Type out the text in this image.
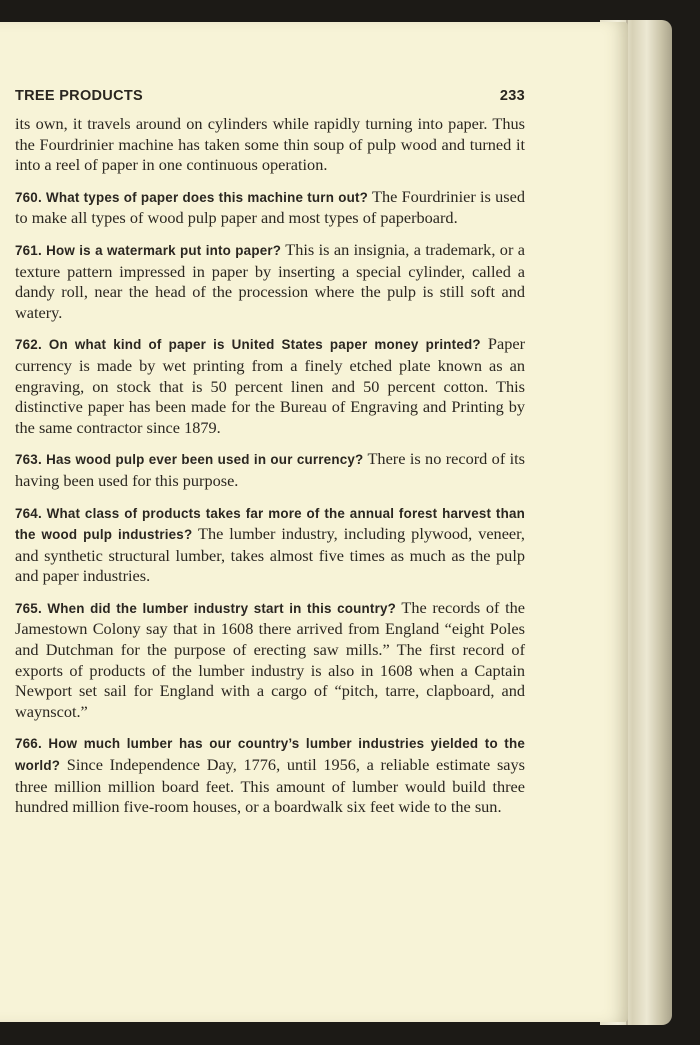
TREE PRODUCTS	233

its own, it travels around on cylinders while rapidly turning into paper. Thus the Fourdrinier machine has taken some thin soup of pulp wood and turned it into a reel of paper in one continuous operation.

760. What types of paper does this machine turn out? The Fourdrinier is used to make all types of wood pulp paper and most types of paperboard.

761. How is a watermark put into paper? This is an insignia, a trademark, or a texture pattern impressed in paper by inserting a special cylinder, called a dandy roll, near the head of the procession where the pulp is still soft and watery.

762. On what kind of paper is United States paper money printed? Paper currency is made by wet printing from a finely etched plate known as an engraving, on stock that is 50 percent linen and 50 percent cotton. This distinctive paper has been made for the Bureau of Engraving and Printing by the same contractor since 1879.

763. Has wood pulp ever been used in our currency? There is no record of its having been used for this purpose.

764. What class of products takes far more of the annual forest harvest than the wood pulp industries? The lumber industry, including plywood, veneer, and synthetic structural lumber, takes almost five times as much as the pulp and paper industries.

765. When did the lumber industry start in this country? The records of the Jamestown Colony say that in 1608 there arrived from England “eight Poles and Dutchman for the purpose of erecting saw mills.” The first record of exports of products of the lumber industry is also in 1608 when a Captain Newport set sail for England with a cargo of “pitch, tarre, clapboard, and waynscot.”

766. How much lumber has our country’s lumber industries yielded to the world? Since Independence Day, 1776, until 1956, a reliable estimate says three million million board feet. This amount of lumber would build three hundred million five-room houses, or a boardwalk six feet wide to the sun.
